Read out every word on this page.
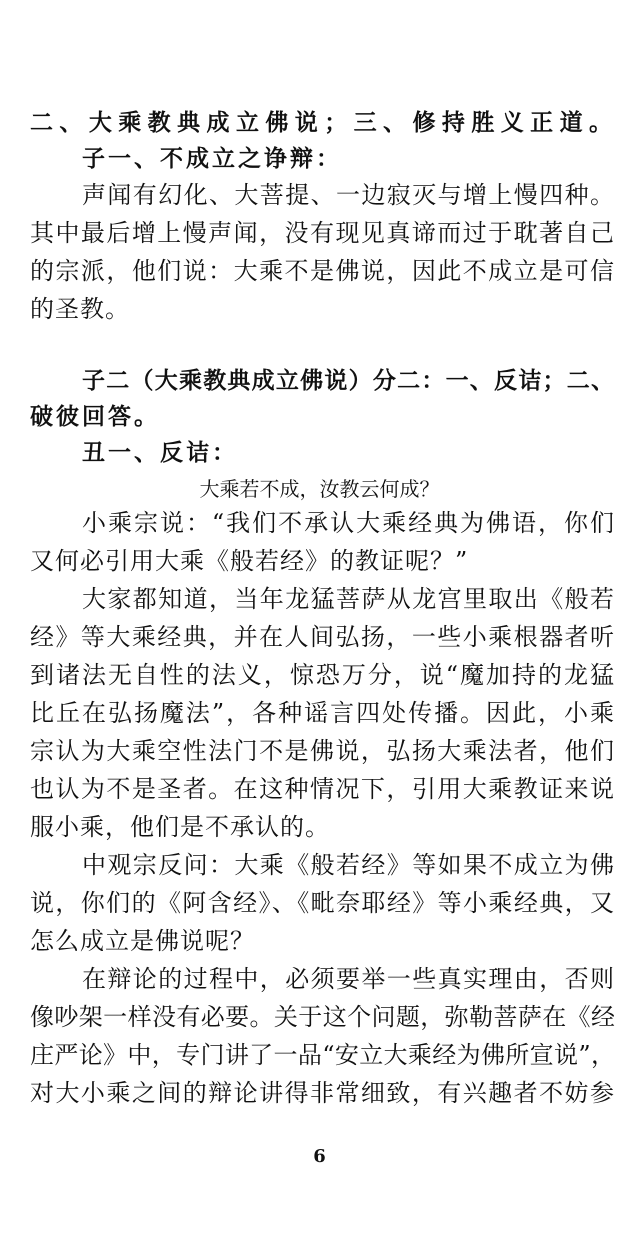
二、大乘教典成立佛说；三、修持胜义正道。
子一、不成立之诤辩：
声闻有幻化、大菩提、一边寂灭与增上慢四种。
其中最后增上慢声闻，没有现见真谛而过于耽著自己
的宗派，他们说：大乘不是佛说，因此不成立是可信
的圣教。
子二（大乘教典成立佛说）分二：一、反诘；二、
破彼回答。
丑一、反诘：
大乘若不成，汝教云何成？
小乘宗说：“我们不承认大乘经典为佛语，你们
又何必引用大乘《般若经》的教证呢？”
大家都知道，当年龙猛菩萨从龙宫里取出《般若
经》等大乘经典，并在人间弘扬，一些小乘根器者听
到诸法无自性的法义，惊恐万分，说“魔加持的龙猛
比丘在弘扬魔法”，各种谣言四处传播。因此，小乘
宗认为大乘空性法门不是佛说，弘扬大乘法者，他们
也认为不是圣者。在这种情况下，引用大乘教证来说
服小乘，他们是不承认的。
中观宗反问：大乘《般若经》等如果不成立为佛
说，你们的《阿含经》、《毗奈耶经》等小乘经典，又
怎么成立是佛说呢？
在辩论的过程中，必须要举一些真实理由，否则
像吵架一样没有必要。关于这个问题，弥勒菩萨在《经
庄严论》中，专门讲了一品“安立大乘经为佛所宣说”，
对大小乘之间的辩论讲得非常细致，有兴趣者不妨参
6
